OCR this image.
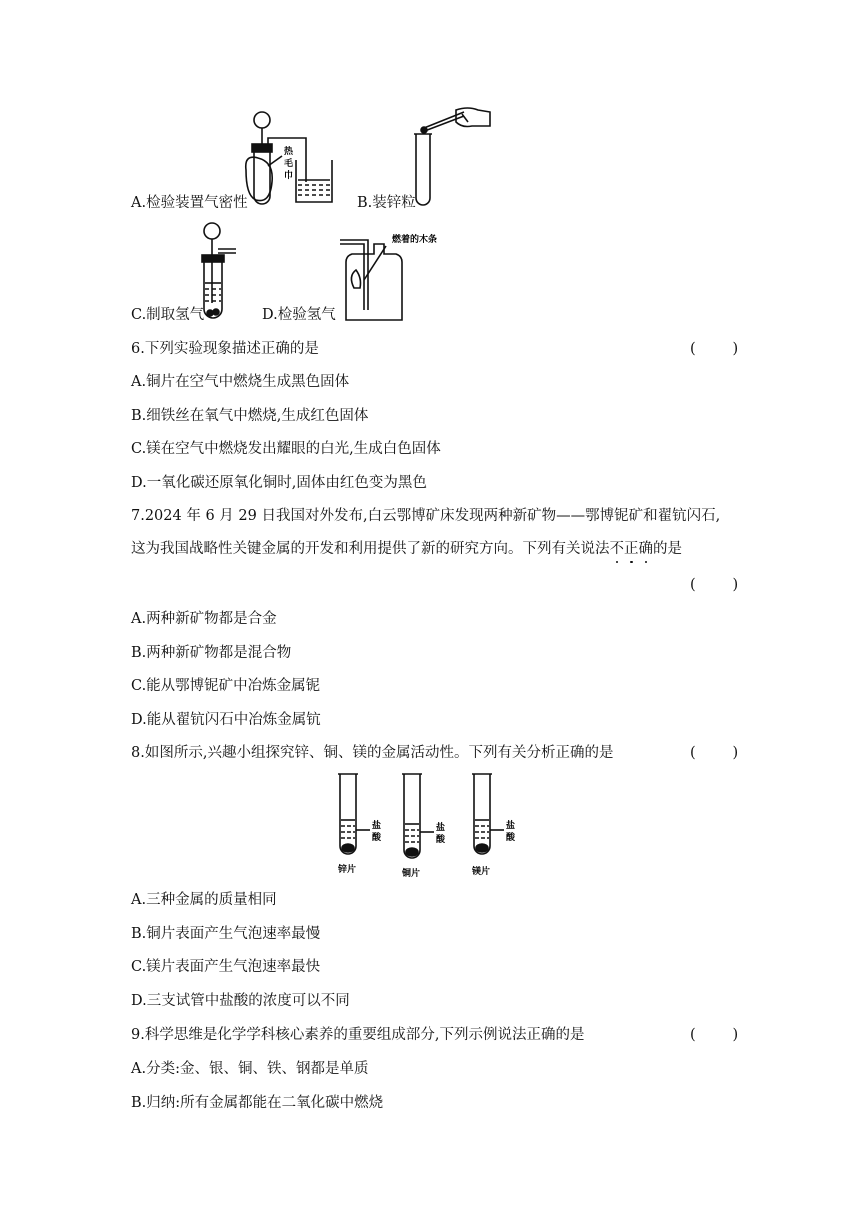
热
毛
巾
A.检验装置气密性	B.装锌粒
C.制取氢气
燃着的木条
D.检验氢气
6.下列实验现象描述正确的是	(        )
A.铜片在空气中燃烧生成黑色固体
B.细铁丝在氧气中燃烧,生成红色固体
C.镁在空气中燃烧发出耀眼的白光,生成白色固体
D.一氧化碳还原氧化铜时,固体由红色变为黑色
7.2024 年 6 月 29 日我国对外发布,白云鄂博矿床发现两种新矿物——鄂博铌矿和翟钪闪石,
这为我国战略性关键金属的开发和利用提供了新的研究方向。下列有关说法不正确的是
(        )
A.两种新矿物都是合金
B.两种新矿物都是混合物
C.能从鄂博铌矿中冶炼金属铌
D.能从翟钪闪石中冶炼金属钪
8.如图所示,兴趣小组探究锌、铜、镁的金属活动性。下列有关分析正确的是	(        )
盐
酸
盐
酸
盐
酸
锌片	铜片	镁片
A.三种金属的质量相同
B.铜片表面产生气泡速率最慢
C.镁片表面产生气泡速率最快
D.三支试管中盐酸的浓度可以不同
9.科学思维是化学学科核心素养的重要组成部分,下列示例说法正确的是	(        )
A.分类:金、银、铜、铁、钢都是单质
B.归纳:所有金属都能在二氧化碳中燃烧
